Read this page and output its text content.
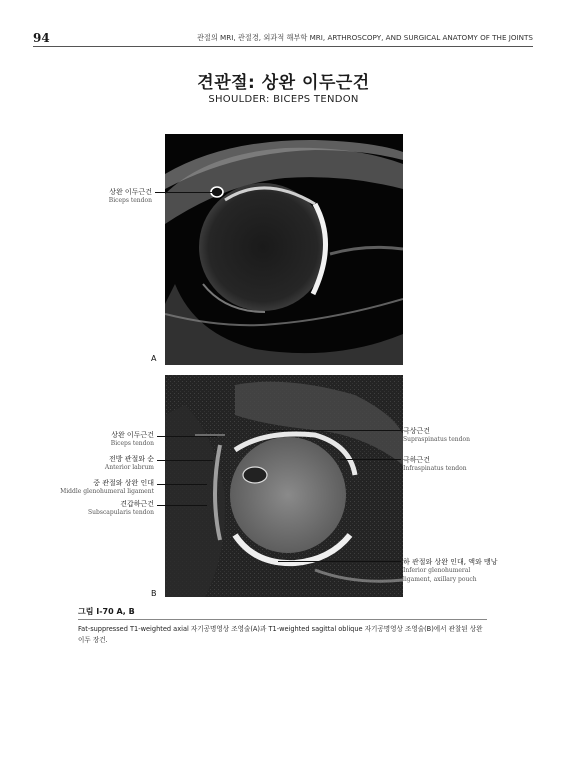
94	관절의 MRI, 관절경, 외과적 해부학 MRI, ARTHROSCOPY, AND SURGICAL ANATOMY OF THE JOINTS
견관절: 상완 이두근건
SHOULDER: BICEPS TENDON
A
상완 이두근건
Biceps tendon
B
상완 이두근건
Biceps tendon
전방 관절와 순
Anterior labrum
중 관절와 상완 인대
Middle glenohumeral ligament
견갑하근건
Subscapularis tendon
극상근건
Supraspinatus tendon
극하근건
Infraspinatus tendon
하 관절와 상완 인대, 액와 맹낭
Inferior glenohumeral
ligament, axillary pouch
그림 I-70 A, B
Fat-suppressed T1-weighted axial 자기공명영상 조영술(A)과 T1-weighted sagittal oblique 자기공명영상 조영술(B)에서 관찰된 상완 이두 장건.
